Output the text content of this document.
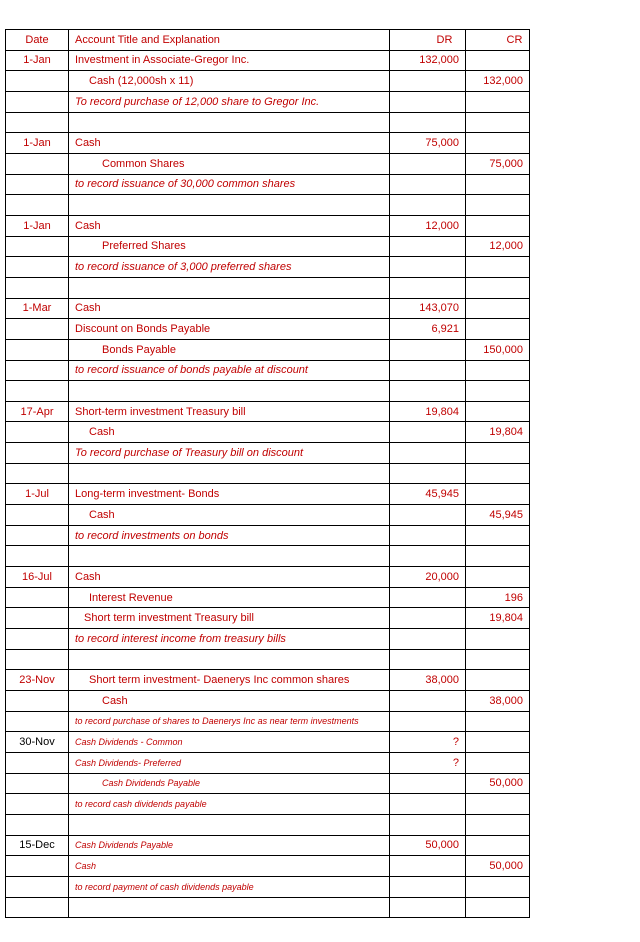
Date	Account Title and Explanation	DR	CR
1-Jan	Investment in Associate-Gregor Inc.	132,000	
	Cash (12,000sh x 11)		132,000
	To record purchase of 12,000 share to Gregor Inc.		

1-Jan	Cash	75,000	
	Common Shares		75,000
	to record issuance of 30,000 common shares		

1-Jan	Cash	12,000	
	Preferred Shares		12,000
	to record issuance of 3,000 preferred shares		

1-Mar	Cash	143,070	
	Discount on Bonds Payable	6,921	
	Bonds Payable		150,000
	to record issuance of bonds payable at discount		

17-Apr	Short-term investment Treasury bill	19,804	
	Cash		19,804
	To record purchase of Treasury bill on discount		

1-Jul	Long-term investment- Bonds	45,945	
	Cash		45,945
	to record investments on bonds		

16-Jul	Cash	20,000	
	Interest Revenue		196
	Short term investment Treasury bill		19,804
	to record interest income from treasury bills		

23-Nov	Short term investment- Daenerys Inc common shares	38,000	
	Cash		38,000
	to record purchase of shares to Daenerys Inc as near term investments		
30-Nov	Cash Dividends - Common	?	
	Cash Dividends- Preferred	?	
	Cash Dividends Payable		50,000
	to record cash dividends payable		

15-Dec	Cash Dividends Payable	50,000	
	Cash		50,000
	to record payment of cash dividends payable		
